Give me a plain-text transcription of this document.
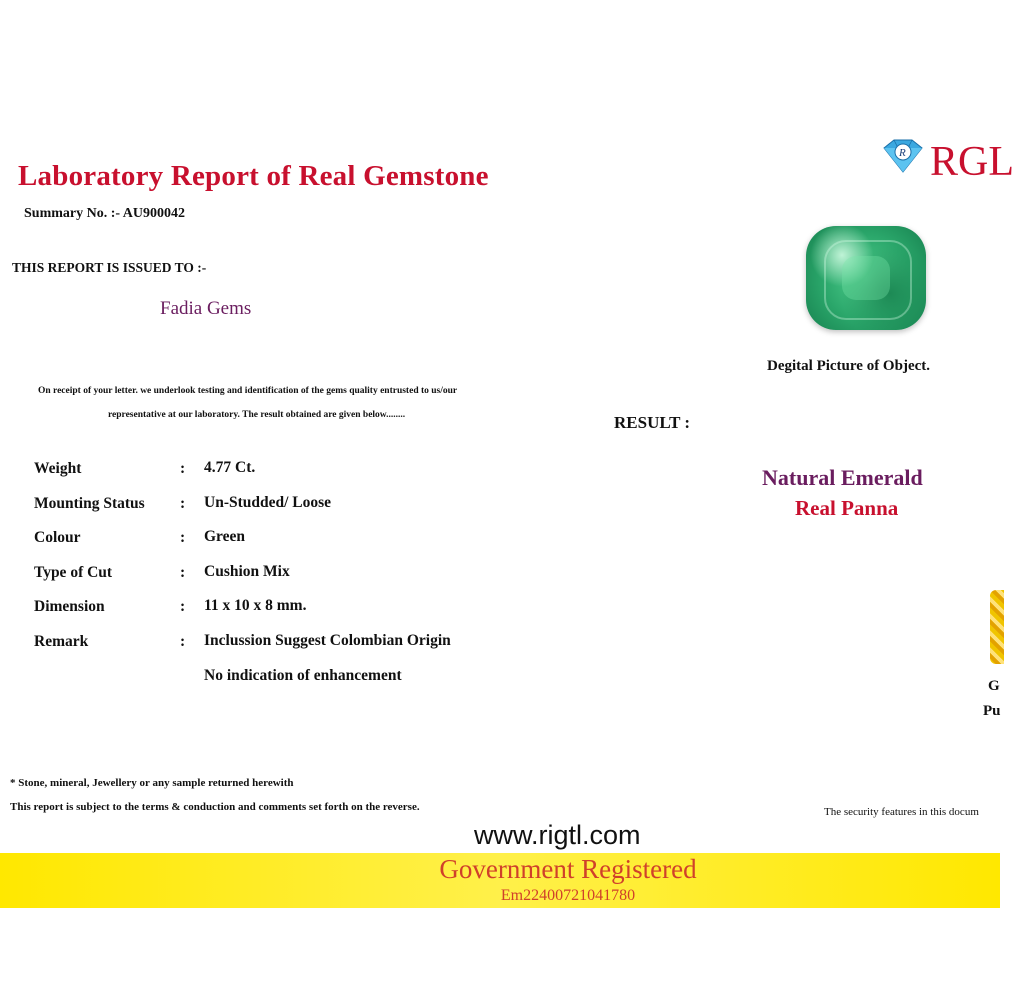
Laboratory Report of Real Gemstone
Summary No. :- AU900042
R RGL
THIS REPORT IS ISSUED TO :-
Fadia Gems
On receipt of your letter. we underlook testing and identification of the gems quality entrusted to us/our
representative at our laboratory. The result obtained are given below........
Degital Picture of Object.
RESULT :
Natural Emerald
Real Panna
Weight	: 4.77 Ct.
Mounting Status : Un-Studded/ Loose
Colour	: Green
Type of Cut	: Cushion Mix
Dimension	: 11 x 10 x 8 mm.
Remark	: Inclussion Suggest Colombian Origin
No indication of enhancement
G
Pu
* Stone, mineral, Jewellery or any sample returned herewith
This report is subject to the terms & conduction and comments set forth on the reverse.	The security features in this docum
www.rigtl.com
Government Registered
Em22400721041780
